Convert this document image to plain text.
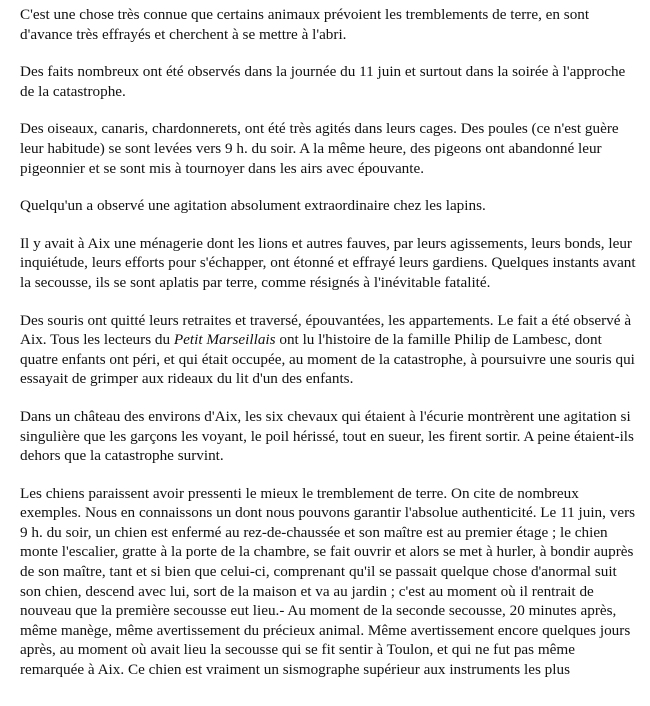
C'est une chose très connue que certains animaux prévoient les tremblements de terre, en sont d'avance très effrayés et cherchent à se mettre à l'abri.

Des faits nombreux ont été observés dans la journée du 11 juin et surtout dans la soirée à l'approche de la catastrophe.

Des oiseaux, canaris, chardonnerets, ont été très agités dans leurs cages. Des poules (ce n'est guère leur habitude) se sont levées vers 9 h. du soir. A la même heure, des pigeons ont abandonné leur pigeonnier et se sont mis à tournoyer dans les airs avec épouvante.

Quelqu'un a observé une agitation absolument extraordinaire chez les lapins.

Il y avait à Aix une ménagerie dont les lions et autres fauves, par leurs agissements, leurs bonds, leur inquiétude, leurs efforts pour s'échapper, ont étonné et effrayé leurs gardiens. Quelques instants avant la secousse, ils se sont aplatis par terre, comme résignés à l'inévitable fatalité.

Des souris ont quitté leurs retraites et traversé, épouvantées, les appartements. Le fait a été observé à Aix. Tous les lecteurs du Petit Marseillais ont lu l'histoire de la famille Philip de Lambesc, dont quatre enfants ont péri, et qui était occupée, au moment de la catastrophe, à poursuivre une souris qui essayait de grimper aux rideaux du lit d'un des enfants.

Dans un château des environs d'Aix, les six chevaux qui étaient à l'écurie montrèrent une agitation si singulière que les garçons les voyant, le poil hérissé, tout en sueur, les firent sortir. A peine étaient-ils dehors que la catastrophe survint.

Les chiens paraissent avoir pressenti le mieux le tremblement de terre. On cite de nombreux exemples. Nous en connaissons un dont nous pouvons garantir l'absolue authenticité. Le 11 juin, vers 9 h. du soir, un chien est enfermé au rez-de-chaussée et son maître est au premier étage ; le chien monte l'escalier, gratte à la porte de la chambre, se fait ouvrir et alors se met à hurler, à bondir auprès de son maître, tant et si bien que celui-ci, comprenant qu'il se passait quelque chose d'anormal suit son chien, descend avec lui, sort de la maison et va au jardin ; c'est au moment où il rentrait de nouveau que la première secousse eut lieu.- Au moment de la seconde secousse, 20 minutes après, même manège, même avertissement du précieux animal. Même avertissement encore quelques jours après, au moment où avait lieu la secousse qui se fit sentir à Toulon, et qui ne fut pas même remarquée à Aix. Ce chien est vraiment un sismographe supérieur aux instruments les plus
